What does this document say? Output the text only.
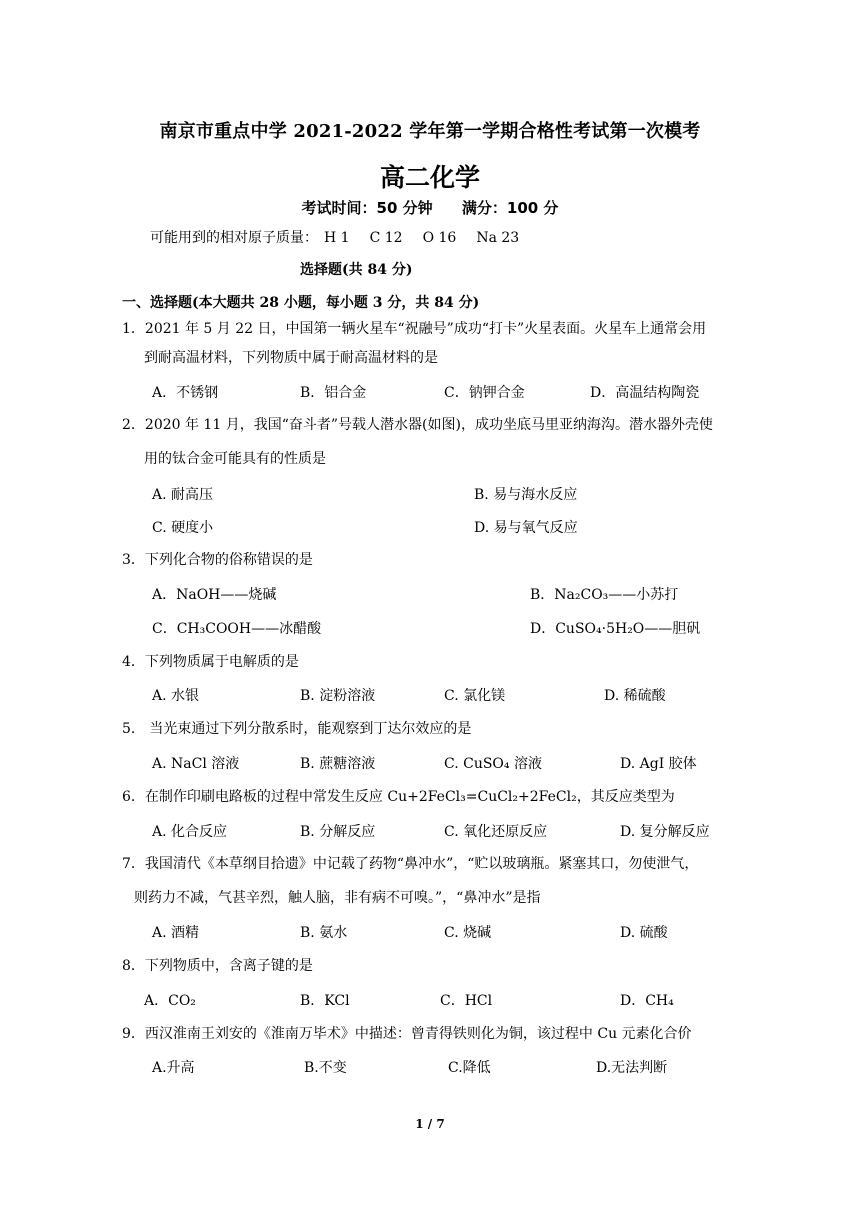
南京市重点中学 2021-2022 学年第一学期合格性考试第一次模考
高二化学
考试时间：50 分钟 满分：100 分
可能用到的相对原子质量： H 1 C 12 O 16 Na 23
选择题(共 84 分)
一、选择题(本大题共 28 小题，每小题 3 分，共 84 分)
1．2021 年 5 月 22 日，中国第一辆火星车“祝融号”成功“打卡”火星表面。火星车上通常会用
到耐高温材料，下列物质中属于耐高温材料的是
A．不锈钢	B．铝合金	C．钠钾合金	D．高温结构陶瓷
2．2020 年 11 月，我国“奋斗者”号载人潜水器(如图)，成功坐底马里亚纳海沟。潜水器外壳使
用的钛合金可能具有的性质是
A. 耐高压	B. 易与海水反应
C. 硬度小	D. 易与氧气反应
3．下列化合物的俗称错误的是
A．NaOH——烧碱	B．Na₂CO₃——小苏打
C．CH₃COOH——冰醋酸	D．CuSO₄·5H₂O——胆矾
4．下列物质属于电解质的是
A. 水银	B. 淀粉溶液	C. 氯化镁	D. 稀硫酸
5． 当光束通过下列分散系时，能观察到丁达尔效应的是
A. NaCl 溶液	B. 蔗糖溶液	C. CuSO₄ 溶液	D. AgI 胶体
6．在制作印刷电路板的过程中常发生反应 Cu+2FeCl₃=CuCl₂+2FeCl₂，其反应类型为
A. 化合反应	B. 分解反应	C. 氧化还原反应	D. 复分解反应
7．我国清代《本草纲目拾遗》中记载了药物“鼻冲水”，“贮以玻璃瓶。紧塞其口，勿使泄气，
则药力不减，气甚辛烈，触人脑，非有病不可嗅。”，“鼻冲水”是指
A. 酒精	B. 氨水	C. 烧碱	D. 硫酸
8．下列物质中，含离子键的是
A．CO₂	B．KCl	C．HCl	D．CH₄
9．西汉淮南王刘安的《淮南万毕术》中描述：曾青得铁则化为铜，该过程中 Cu 元素化合价
A.升高	B.不变	C.降低	D.无法判断
1 / 7
